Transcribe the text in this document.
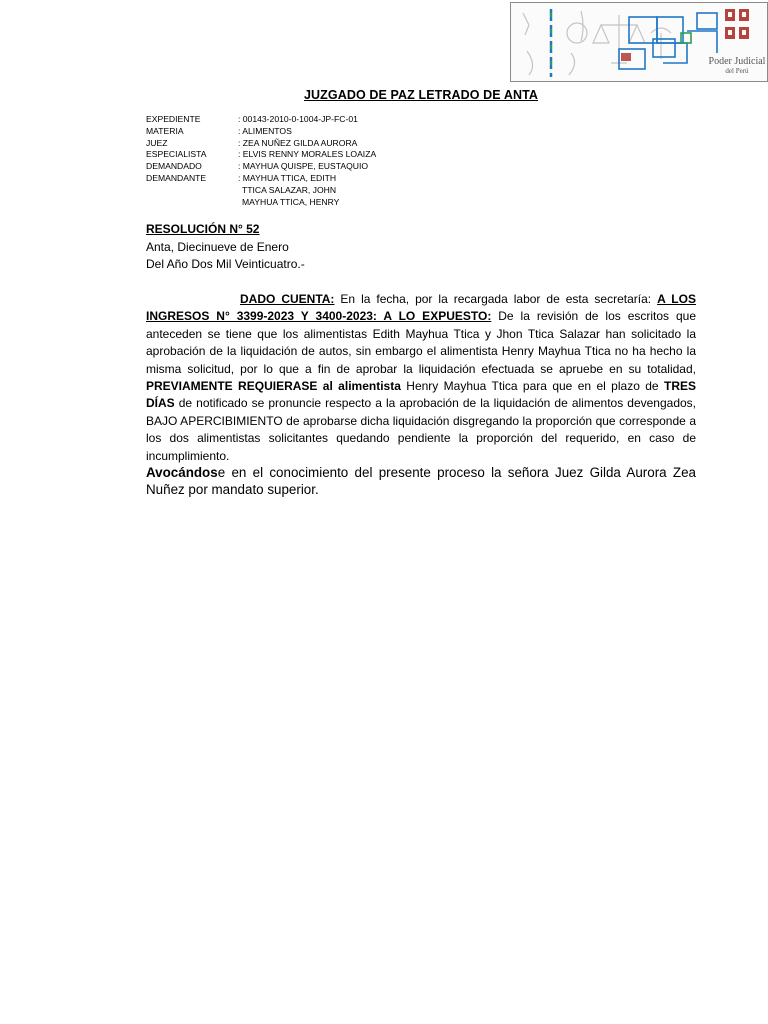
Poder Judicial
del Perú
JUZGADO DE PAZ LETRADO DE ANTA
EXPEDIENTE	: 00143-2010-0-1004-JP-FC-01
MATERIA	: ALIMENTOS
JUEZ	: ZEA NUÑEZ GILDA AURORA
ESPECIALISTA	: ELVIS RENNY MORALES LOAIZA
DEMANDADO	: MAYHUA QUISPE, EUSTAQUIO
DEMANDANTE	: MAYHUA TTICA, EDITH
TTICA SALAZAR, JOHN
MAYHUA TTICA, HENRY
RESOLUCIÓN N° 52
Anta, Diecinueve de Enero
Del Año Dos Mil Veinticuatro.-

DADO CUENTA: En la fecha, por la recargada labor de esta secretaría: A LOS INGRESOS N° 3399-2023 Y 3400-2023: A LO EXPUESTO: De la revisión de los escritos que anteceden se tiene que los alimentistas Edith Mayhua Ttica y Jhon Ttica Salazar han solicitado la aprobación de la liquidación de autos, sin embargo el alimentista Henry Mayhua Ttica no ha hecho la misma solicitud, por lo que a fin de aprobar la liquidación efectuada se apruebe en su totalidad, PREVIAMENTE REQUIERASE al alimentista Henry Mayhua Ttica para que en el plazo de TRES DÍAS de notificado se pronuncie respecto a la aprobación de la liquidación de alimentos devengados, BAJO APERCIBIMIENTO de aprobarse dicha liquidación disgregando la proporción que corresponde a los dos alimentistas solicitantes quedando pendiente la proporción del requerido, en caso de incumplimiento.

Avocándose en el conocimiento del presente proceso la señora Juez Gilda Aurora Zea Nuñez por mandato superior.
